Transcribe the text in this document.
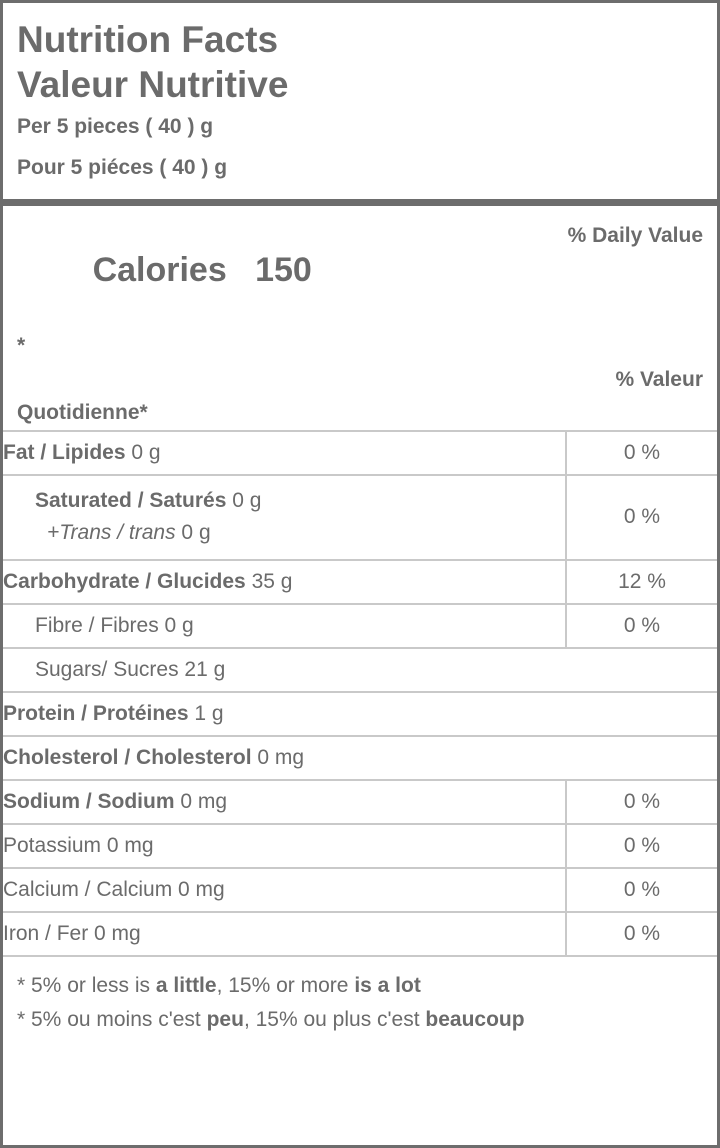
Nutrition Facts
Valeur Nutritive
Per 5 pieces ( 40 ) g
Pour 5 piéces ( 40 ) g

Calories 150

% Daily Value
*
% Valeur
Quotidienne*
Fat / Lipides 0 g	0 %

Saturated / Saturés 0 g
+Trans / trans 0 g	0 %
Carbohydrate / Glucides 35 g	12 %
Fibre / Fibres 0 g	0 %
Sugars/ Sucres 21 g	
Protein / Protéines 1 g	
Cholesterol / Cholesterol 0 mg	
Sodium / Sodium 0 mg	0 %
Potassium 0 mg	0 %
Calcium / Calcium 0 mg	0 %
Iron / Fer 0 mg	0 %
* 5% or less is a little, 15% or more is a lot
* 5% ou moins c'est peu, 15% ou plus c'est beaucoup
